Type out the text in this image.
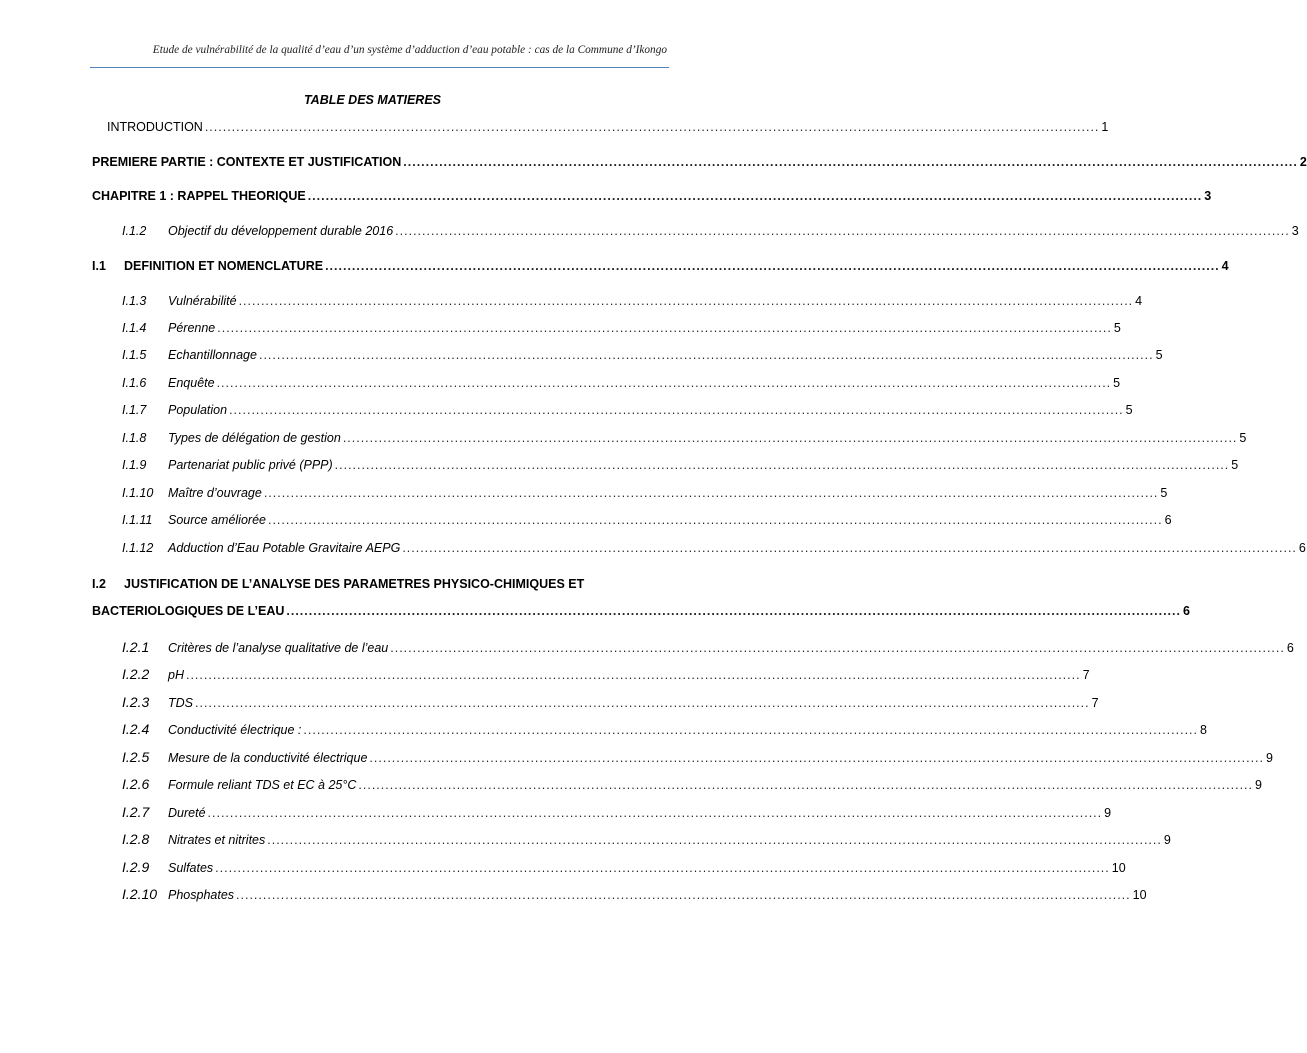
Etude de vulnérabilité de la qualité d’eau d’un système d’adduction d’eau potable : cas de la Commune d’Ikongo
TABLE DES MATIERES
INTRODUCTION ........................................................................................................................................................................................................ 1
PREMIERE PARTIE : CONTEXTE ET JUSTIFICATION ........................................................................................................................................................................................................ 2
CHAPITRE 1 : RAPPEL THEORIQUE ........................................................................................................................................................................................................ 3
I.1.2	Objectif du développement durable 2016 ........................................................................................................................................................................................................ 3
I.1	DEFINITION ET NOMENCLATURE ........................................................................................................................................................................................................ 4
I.1.3	Vulnérabilité ........................................................................................................................................................................................................ 4
I.1.4	Pérenne ........................................................................................................................................................................................................ 5
I.1.5	Echantillonnage ........................................................................................................................................................................................................ 5
I.1.6	Enquête ........................................................................................................................................................................................................ 5
I.1.7	Population ........................................................................................................................................................................................................ 5
I.1.8	Types de délégation de gestion ........................................................................................................................................................................................................ 5
I.1.9	Partenariat public privé (PPP) ........................................................................................................................................................................................................ 5
I.1.10	Maître d’ouvrage ........................................................................................................................................................................................................ 5
I.1.11	Source améliorée ........................................................................................................................................................................................................ 6
I.1.12	Adduction d’Eau Potable Gravitaire AEPG ........................................................................................................................................................................................................ 6
I.2 JUSTIFICATION DE L’ANALYSE DES PARAMETRES PHYSICO-CHIMIQUES ET
BACTERIOLOGIQUES DE L’EAU ........................................................................................................................................................................................................ 6
I.2.1	Critères de l’analyse qualitative de l’eau ........................................................................................................................................................................................................ 6
I.2.2	pH ........................................................................................................................................................................................................ 7
I.2.3	TDS ........................................................................................................................................................................................................ 7
I.2.4	Conductivité électrique : ........................................................................................................................................................................................................ 8
I.2.5	Mesure de la conductivité électrique ........................................................................................................................................................................................................ 9
I.2.6	Formule reliant TDS et EC à 25°C ........................................................................................................................................................................................................ 9
I.2.7	Dureté ........................................................................................................................................................................................................ 9
I.2.8	Nitrates et nitrites ........................................................................................................................................................................................................ 9
I.2.9	Sulfates ........................................................................................................................................................................................................ 10
I.2.10 Phosphates ........................................................................................................................................................................................................ 10
